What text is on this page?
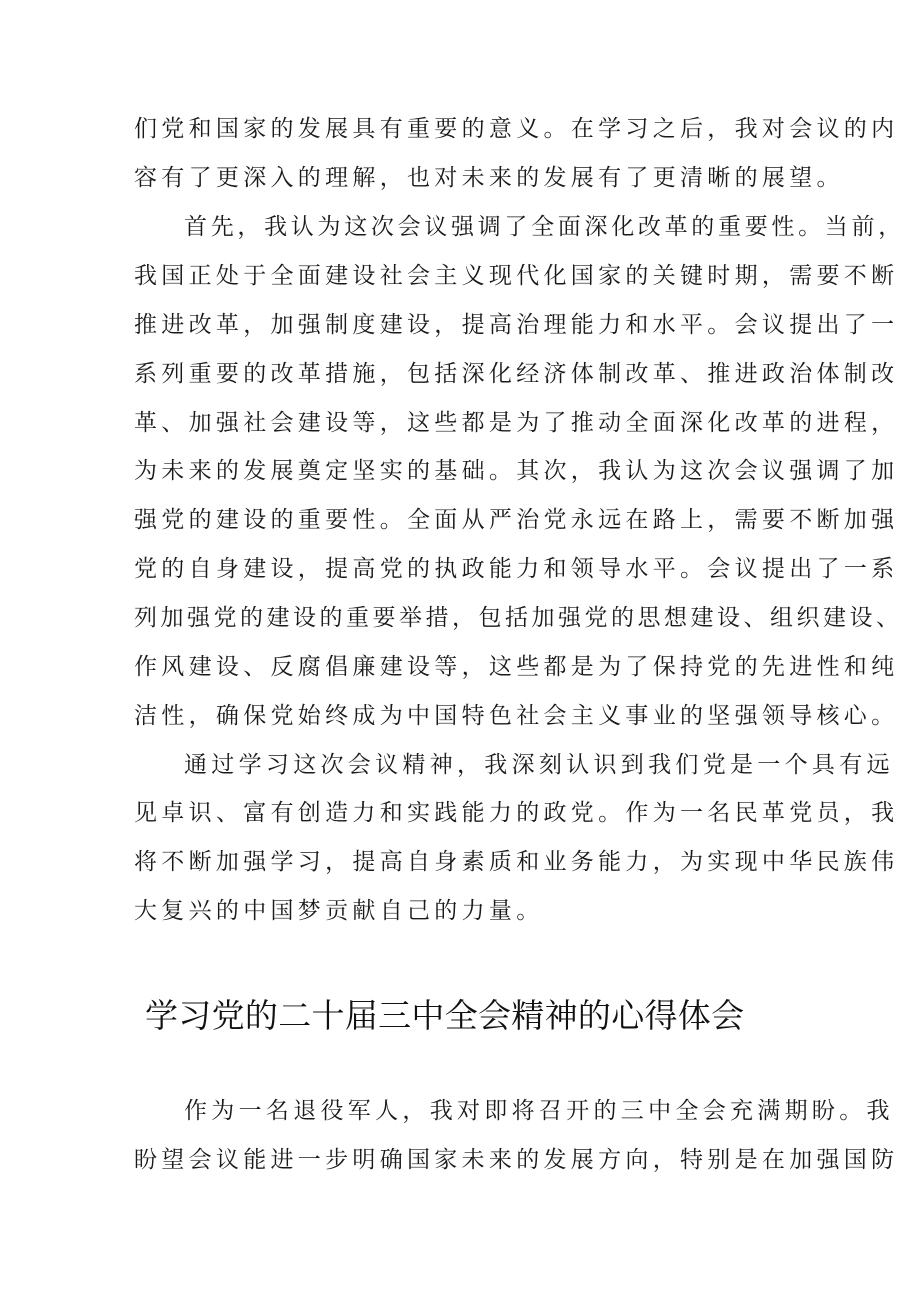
们党和国家的发展具有重要的意义。在学习之后，我对会议的内

容有了更深入的理解，也对未来的发展有了更清晰的展望。

首先，我认为这次会议强调了全面深化改革的重要性。当前，

我国正处于全面建设社会主义现代化国家的关键时期，需要不断

推进改革，加强制度建设，提高治理能力和水平。会议提出了一

系列重要的改革措施，包括深化经济体制改革、推进政治体制改

革、加强社会建设等，这些都是为了推动全面深化改革的进程，

为未来的发展奠定坚实的基础。其次，我认为这次会议强调了加

强党的建设的重要性。全面从严治党永远在路上，需要不断加强

党的自身建设，提高党的执政能力和领导水平。会议提出了一系

列加强党的建设的重要举措，包括加强党的思想建设、组织建设、

作风建设、反腐倡廉建设等，这些都是为了保持党的先进性和纯

洁性，确保党始终成为中国特色社会主义事业的坚强领导核心。

通过学习这次会议精神，我深刻认识到我们党是一个具有远

见卓识、富有创造力和实践能力的政党。作为一名民革党员，我

将不断加强学习，提高自身素质和业务能力，为实现中华民族伟

大复兴的中国梦贡献自己的力量。

学习党的二十届三中全会精神的心得体会

作为一名退役军人，我对即将召开的三中全会充满期盼。我

盼望会议能进一步明确国家未来的发展方向，特别是在加强国防
